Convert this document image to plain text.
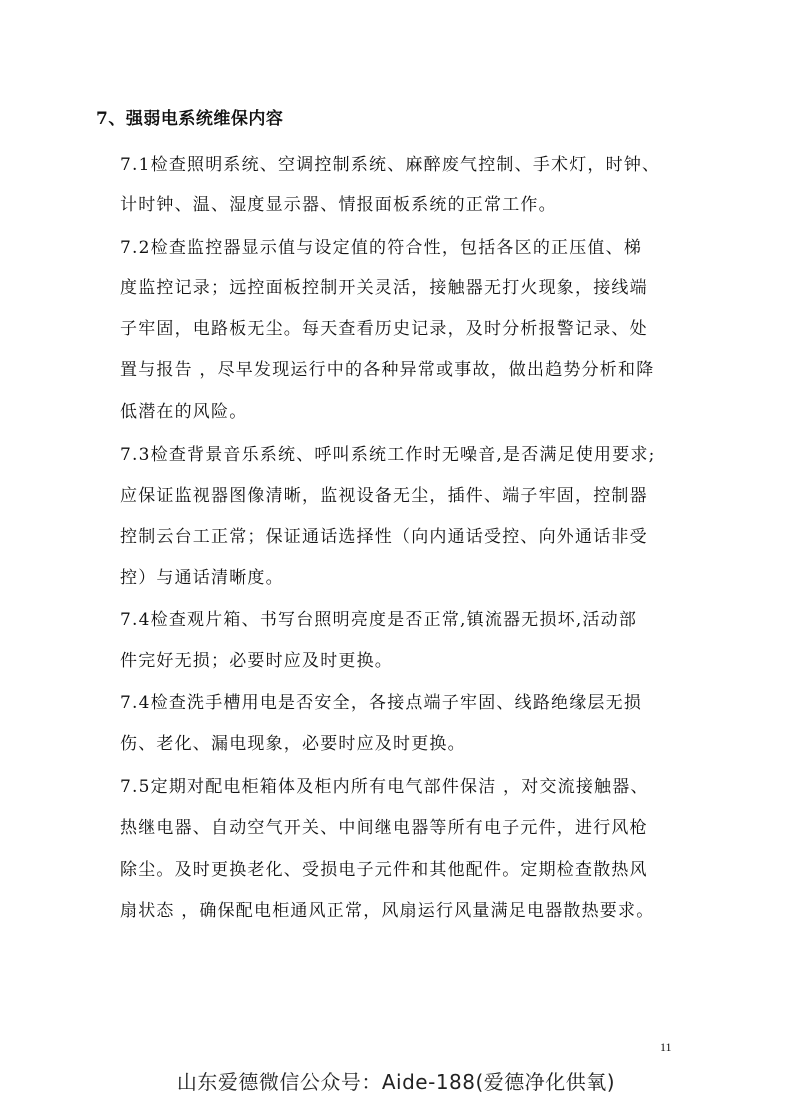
7、强弱电系统维保内容
7.1检查照明系统、空调控制系统、麻醉废气控制、手术灯，时钟、
计时钟、温、湿度显示器、情报面板系统的正常工作。
7.2检查监控器显示值与设定值的符合性，包括各区的正压值、梯
度监控记录；远控面板控制开关灵活，接触器无打火现象，接线端
子牢固，电路板无尘。每天查看历史记录，及时分析报警记录、处
置与报告 ，尽早发现运行中的各种异常或事故，做出趋势分析和降
低潜在的风险。
7.3检查背景音乐系统、呼叫系统工作时无噪音,是否满足使用要求;
应保证监视器图像清晰，监视设备无尘，插件、端子牢固，控制器
控制云台工正常；保证通话选择性（向内通话受控、向外通话非受
控）与通话清晰度。
7.4检查观片箱、书写台照明亮度是否正常,镇流器无损坏,活动部
件完好无损；必要时应及时更换。
7.4检查洗手槽用电是否安全，各接点端子牢固、线路绝缘层无损
伤、老化、漏电现象，必要时应及时更换。
7.5定期对配电柜箱体及柜内所有电气部件保洁 ，对交流接触器、
热继电器、自动空气开关、中间继电器等所有电子元件，进行风枪
除尘。及时更换老化、受损电子元件和其他配件。定期检查散热风
扇状态 ，确保配电柜通风正常，风扇运行风量满足电器散热要求。
11
山东爱德微信公众号：Aide-188(爱德净化供氧)
